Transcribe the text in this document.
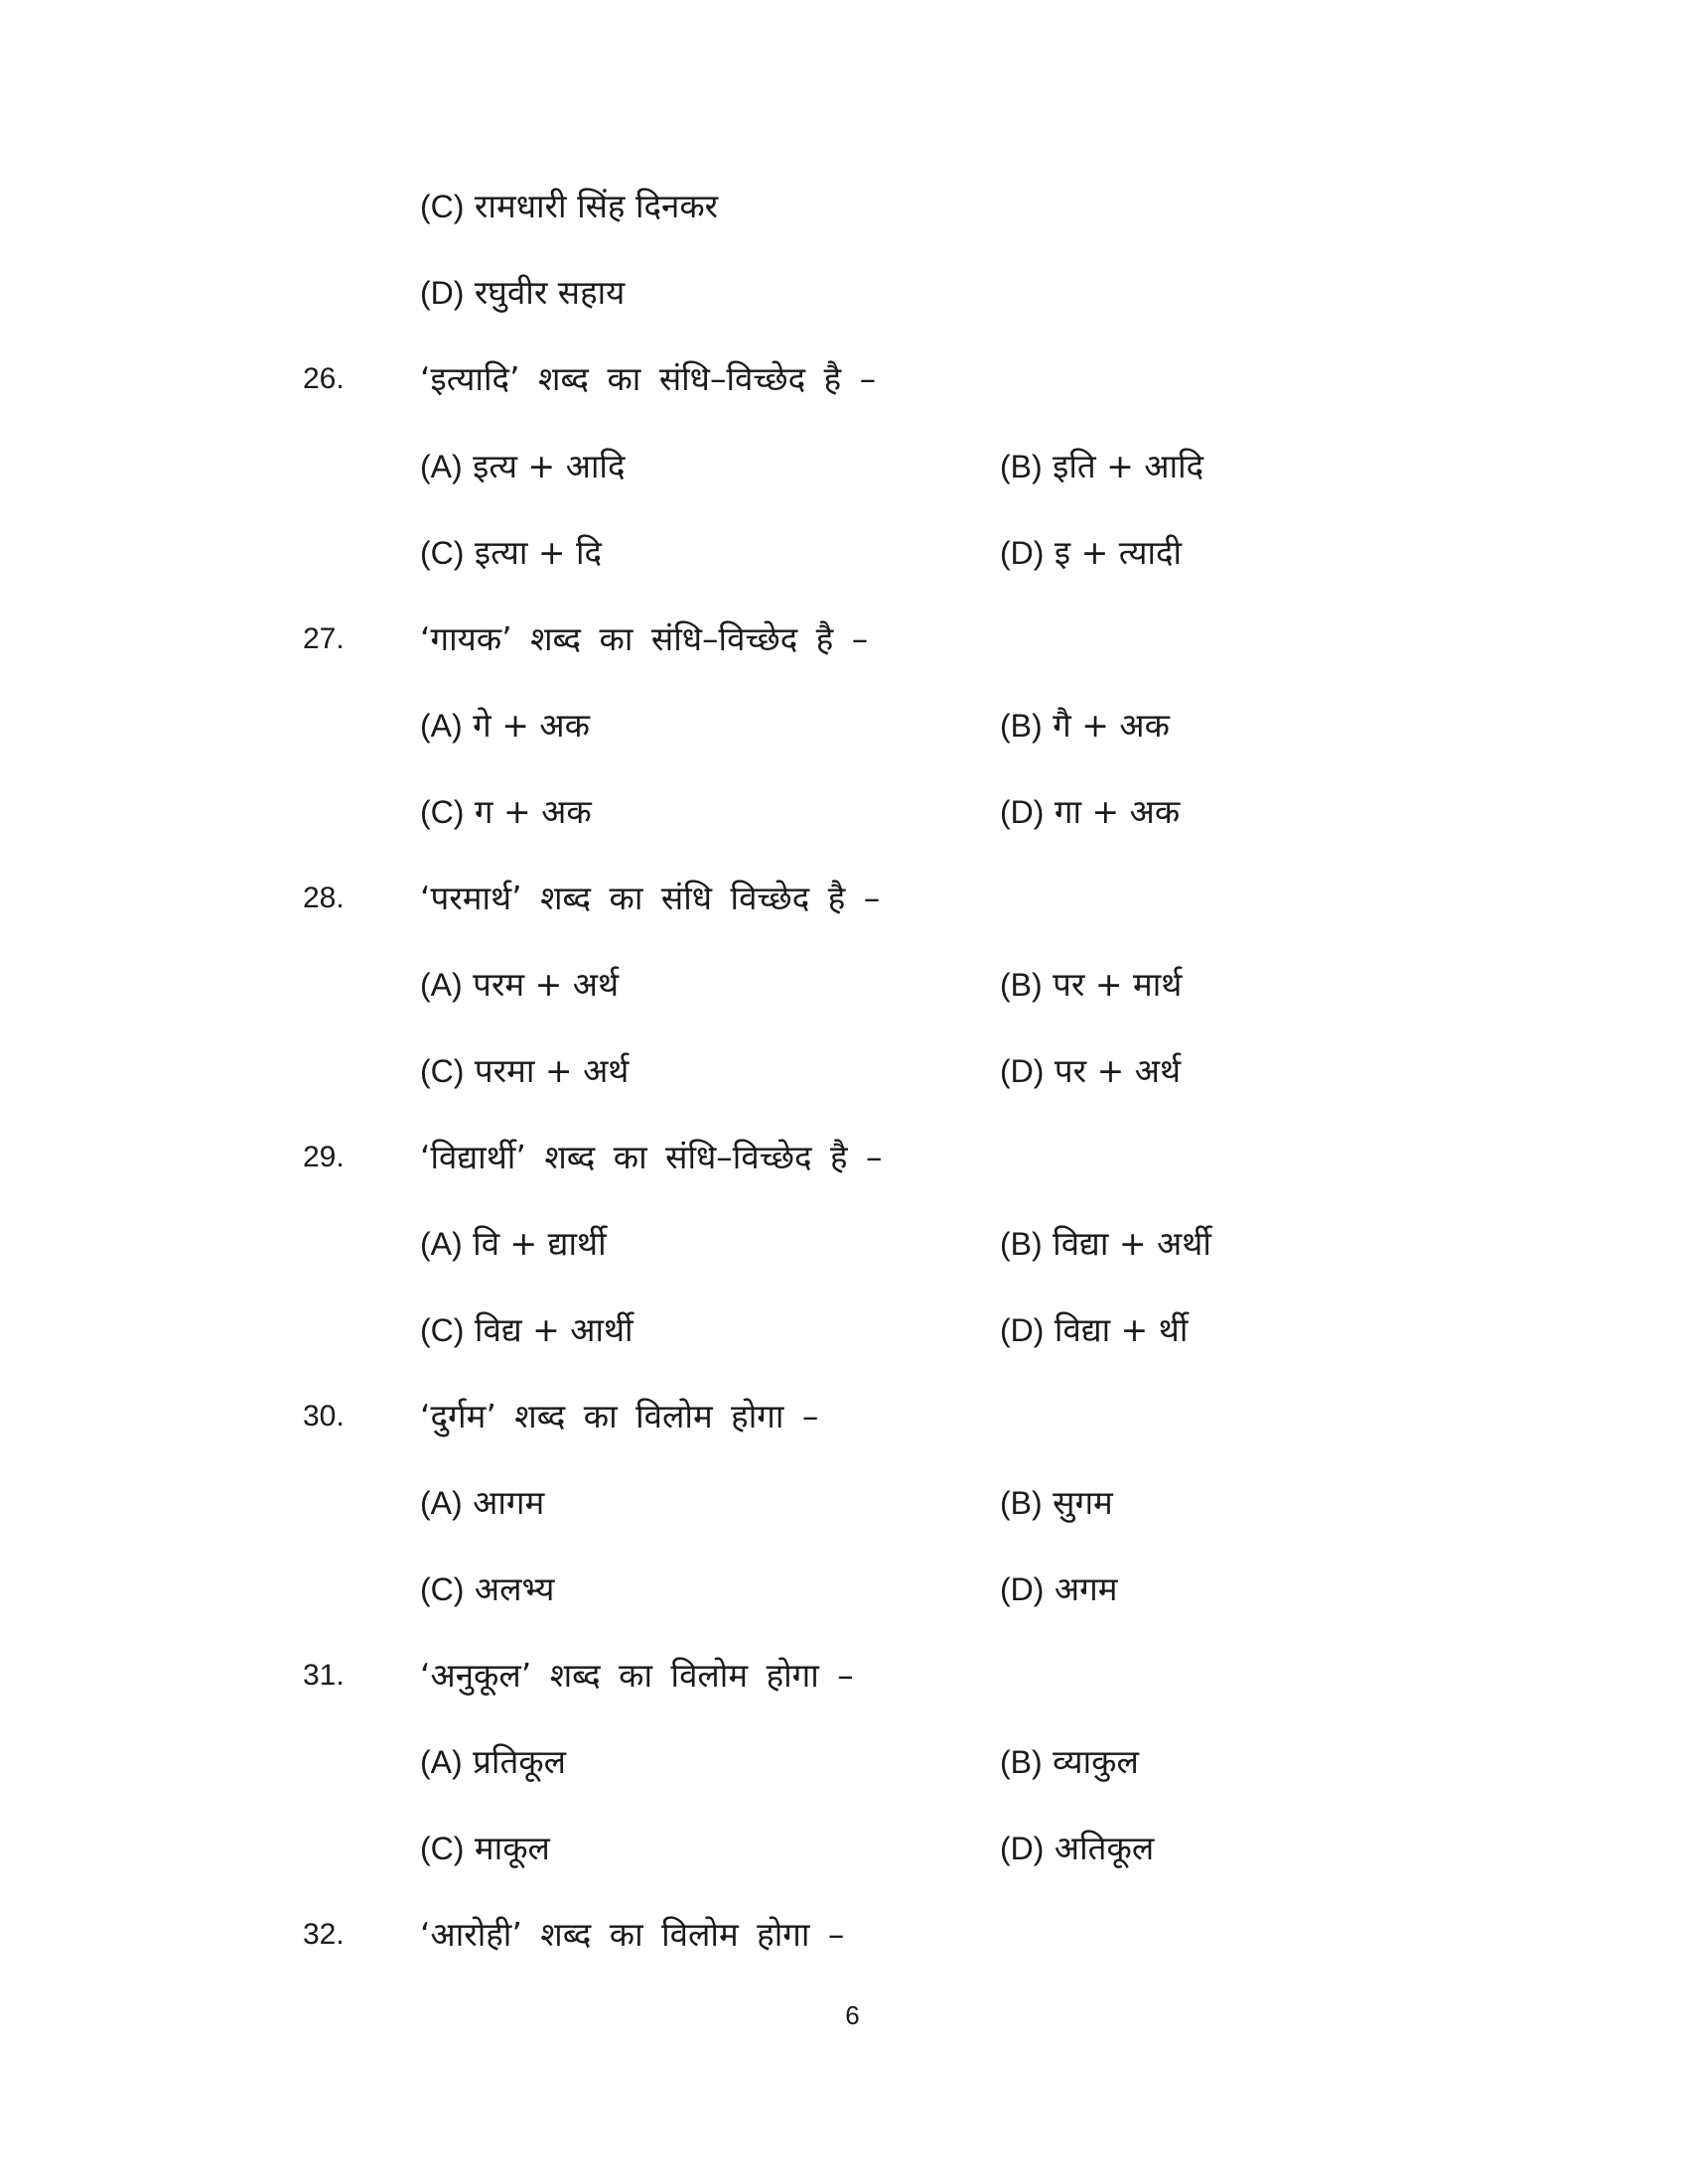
(C) रामधारी सिंह दिनकर
(D) रघुवीर सहाय
26. ‘इत्यादि’ शब्द का संधि–विच्छेद है –
(A) इत्य + आदि	(B) इति + आदि
(C) इत्या + दि	(D) इ + त्यादी
27. ‘गायक’ शब्द का संधि–विच्छेद है –
(A) गे + अक	(B) गै + अक
(C) ग + अक	(D) गा + अक
28. ‘परमार्थ’ शब्द का संधि विच्छेद है –
(A) परम + अर्थ	(B) पर + मार्थ
(C) परमा + अर्थ	(D) पर + अर्थ
29. ‘विद्यार्थी’ शब्द का संधि–विच्छेद है –
(A) वि + द्यार्थी	(B) विद्या + अर्थी
(C) विद्य + आर्थी	(D) विद्या + र्थी
30. ‘दुर्गम’ शब्द का विलोम होगा –
(A) आगम	(B) सुगम
(C) अलभ्य	(D) अगम
31. ‘अनुकूल’ शब्द का विलोम होगा –
(A) प्रतिकूल	(B) व्याकुल
(C) माकूल	(D) अतिकूल
32. ‘आरोही’ शब्द का विलोम होगा –
6
